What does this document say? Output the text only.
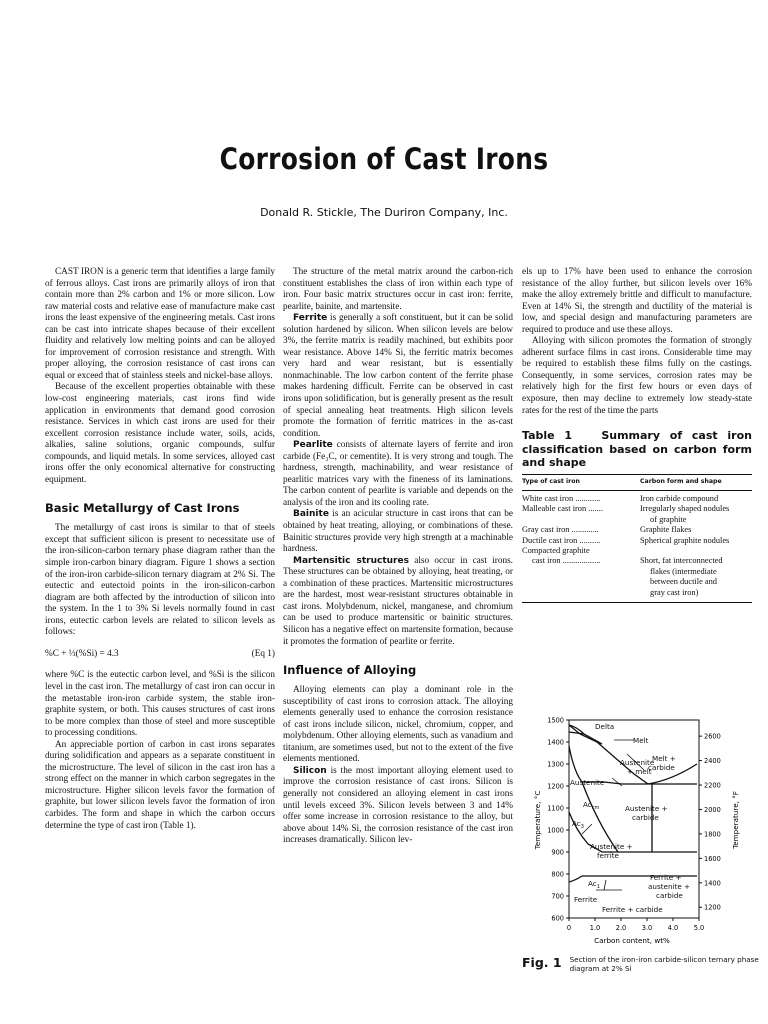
Corrosion of Cast Irons
Donald R. Stickle, The Duriron Company, Inc.

CAST IRON is a generic term that identifies a large family of ferrous alloys. Cast irons are primarily alloys of iron that contain more than 2% carbon and 1% or more silicon. Low raw material costs and relative ease of manufacture make cast irons the least expensive of the engineering metals. Cast irons can be cast into intricate shapes because of their excellent fluidity and relatively low melting points and can be alloyed for improvement of corrosion resistance and strength. With proper alloying, the corrosion resistance of cast irons can equal or exceed that of stainless steels and nickel-base alloys.

Because of the excellent properties obtainable with these low-cost engineering materials, cast irons find wide application in environments that demand good corrosion resistance. Services in which cast irons are used for their excellent corrosion resistance include water, soils, acids, alkalies, saline solutions, organic compounds, sulfur compounds, and liquid metals. In some services, alloyed cast irons offer the only economical alternative for constructing equipment.

Basic Metallurgy of Cast Irons

The metallurgy of cast irons is similar to that of steels except that sufficient silicon is present to necessitate use of the iron-silicon-carbon ternary phase diagram rather than the simple iron-carbon binary diagram. Figure 1 shows a section of the iron-iron carbide-silicon ternary diagram at 2% Si. The eutectic and eutectoid points in the iron-silicon-carbon diagram are both affected by the introduction of silicon into the system. In the 1 to 3% Si levels normally found in cast irons, eutectic carbon levels are related to silicon levels as follows:

%C + ⅓(%Si) = 4.3	(Eq 1)

where %C is the eutectic carbon level, and %Si is the silicon level in the cast iron. The metallurgy of cast iron can occur in the metastable iron-iron carbide system, the stable iron-graphite system, or both. This causes structures of cast irons to be more complex than those of steel and more susceptible to processing conditions.

An appreciable portion of carbon in cast irons separates during solidification and appears as a separate constituent in the microstructure. The level of silicon in the cast iron has a strong effect on the manner in which carbon segregates in the microstructure. Higher silicon levels favor the formation of graphite, but lower silicon levels favor the formation of iron carbides. The form and shape in which the carbon occurs determine the type of cast iron (Table 1).

The structure of the metal matrix around the carbon-rich constituent establishes the class of iron within each type of iron. Four basic matrix structures occur in cast iron: ferrite, pearlite, bainite, and martensite.

Ferrite is generally a soft constituent, but it can be solid solution hardened by silicon. When silicon levels are below 3%, the ferrite matrix is readily machined, but exhibits poor wear resistance. Above 14% Si, the ferritic matrix becomes very hard and wear resistant, but is essentially nonmachinable. The low carbon content of the ferrite phase makes hardening difficult. Ferrite can be observed in cast irons upon solidification, but is generally present as the result of special annealing heat treatments. High silicon levels promote the formation of ferritic matrices in the as-cast condition.

Pearlite consists of alternate layers of ferrite and iron carbide (Fe₃C, or cementite). It is very strong and tough. The hardness, strength, machinability, and wear resistance of pearlitic matrices vary with the fineness of its laminations. The carbon content of pearlite is variable and depends on the analysis of the iron and its cooling rate.

Bainite is an acicular structure in cast irons that can be obtained by heat treating, alloying, or combinations of these. Bainitic structures provide very high strength at a machinable hardness.

Martensitic structures also occur in cast irons. These structures can be obtained by alloying, heat treating, or a combination of these practices. Martensitic microstructures are the hardest, most wear-resistant structures obtainable in cast irons. Molybdenum, nickel, manganese, and chromium can be used to produce martensitic or bainitic structures. Silicon has a negative effect on martensite formation, because it promotes the formation of pearlite or ferrite.

Influence of Alloying

Alloying elements can play a dominant role in the susceptibility of cast irons to corrosion attack. The alloying elements generally used to enhance the corrosion resistance of cast irons include silicon, nickel, chromium, copper, and molybdenum. Other alloying elements, such as vanadium and titanium, are sometimes used, but not to the extent of the five elements mentioned.

Silicon is the most important alloying element used to improve the corrosion resistance of cast irons. Silicon is generally not considered an alloying element in cast irons until levels exceed 3%. Silicon levels between 3 and 14% offer some increase in corrosion resistance to the alloy, but above about 14% Si, the corrosion resistance of the cast iron increases dramatically. Silicon lev-

els up to 17% have been used to enhance the corrosion resistance of the alloy further, but silicon levels over 16% make the alloy extremely brittle and difficult to manufacture. Even at 14% Si, the strength and ductility of the material is low, and special design and manufacturing parameters are required to produce and use these alloys.

Alloying with silicon promotes the formation of strongly adherent surface films in cast irons. Considerable time may be required to establish these films fully on the castings. Consequently, in some services, corrosion rates may be relatively high for the first few hours or even days of exposure, then may decline to extremely low steady-state rates for the rest of the time the parts

Table 1	Summary of cast iron classification based on carbon form and shape
Type of cast iron	Carbon form and shape
White cast iron ............	Iron carbide compound
Malleable cast iron .......	Irregularly shaped nodules
of graphite
Gray cast iron .............	Graphite flakes
Ductile cast iron ..........	Spherical graphite nodules
Compacted graphite
cast iron ..................	Short, fat interconnected
flakes (intermediate
between ductile and
gray cast iron)
1500
1400
1300
1200
1100
1000
900
800
700
600
2600
2400
2200
2000
1800
1600
1400
1200
0	1.0 2.0 3.0 4.0 5.0
Delta
Melt
Melt +
carbide
Austenite
+ melt
Austenite
$Ac_{cm}$	Austenite +
carbide
$Ac_3$
Austenite +
ferrite
$Ac_1$
Ferrite
Ferrite +
austenite +
carbide
Ferrite + carbide
Carbon content, wt%
Temperature, °C	Temperature, °F
Fig. 1 Section of the iron-iron carbide-silicon ternary phase diagram at 2% Si
